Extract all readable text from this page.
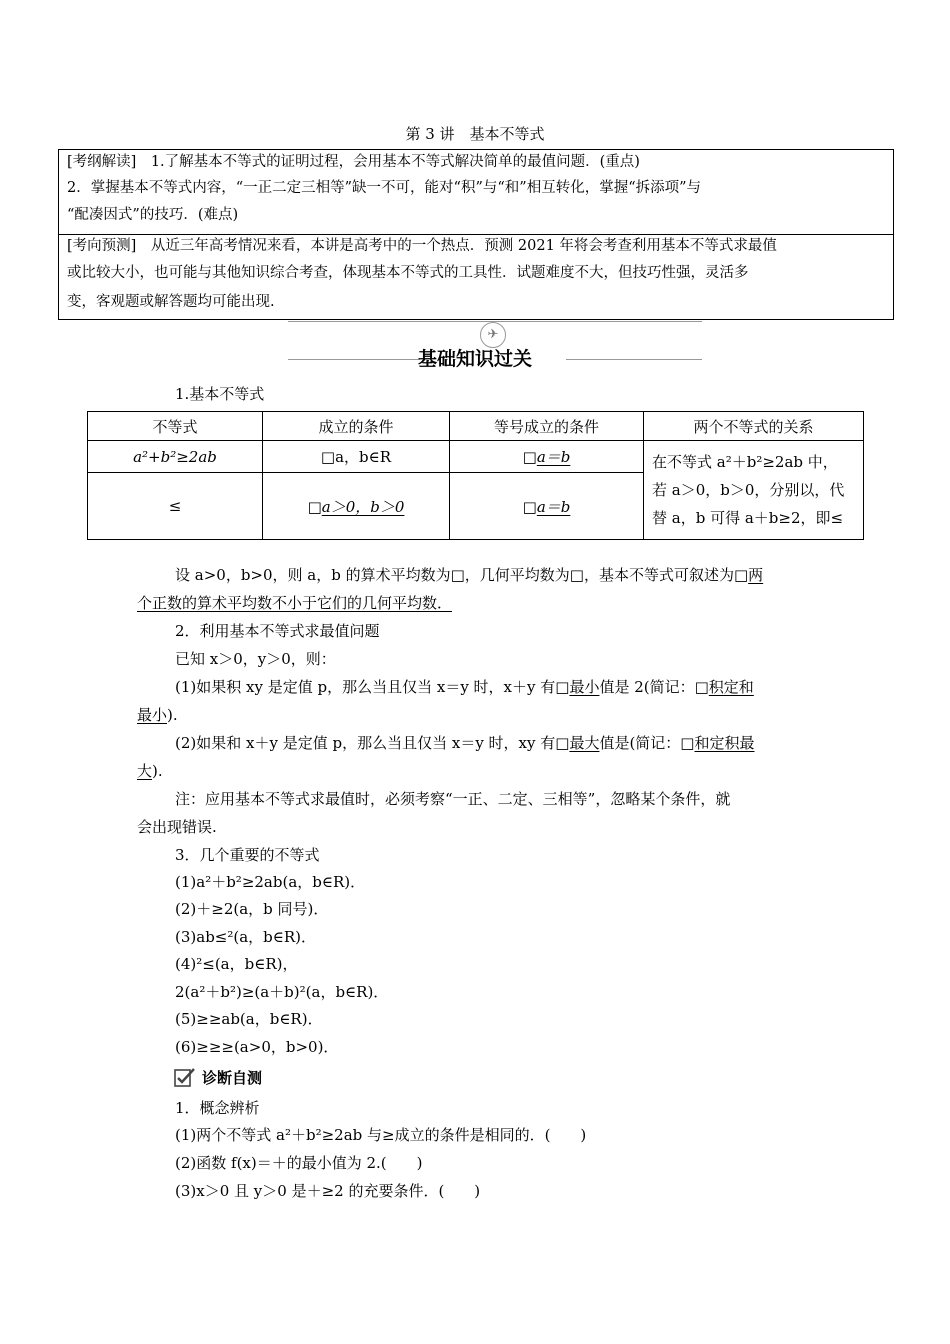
第 3 讲　基本不等式
[考纲解读]　1.了解基本不等式的证明过程，会用基本不等式解决简单的最值问题．(重点)
2．掌握基本不等式内容，“一正二定三相等”缺一不可，能对“积”与“和”相互转化，掌握“拆添项”与
“配凑因式”的技巧．(难点)
[考向预测]　从近三年高考情况来看，本讲是高考中的一个热点．预测 2021 年将会考查利用基本不等式求最值
或比较大小，也可能与其他知识综合考查，体现基本不等式的工具性．试题难度不大，但技巧性强，灵活多
变，客观题或解答题均可能出现.
✈
基础知识过关
1.基本不等式
不等式	成立的条件	等号成立的条件	两个不等式的关系
a²+b²≥2ab	□a，b∈R	□a＝b	在不等式 a²＋b²≥2ab 中，
若 a＞0，b＞0，分别以，代
替 a，b 可得 a＋b≥2，即≤

≤	□a＞0，b＞0	□a＝b	
设 a>0，b>0，则 a，b 的算术平均数为□，几何平均数为□，基本不等式可叙述为□两
个正数的算术平均数不小于它们的几何平均数．
2．利用基本不等式求最值问题
已知 x＞0，y＞0，则：
(1)如果积 xy 是定值 p，那么当且仅当 x＝y 时，x＋y 有□最小值是 2(简记：□积定和
最小).
(2)如果和 x＋y 是定值 p，那么当且仅当 x＝y 时，xy 有□最大值是(简记：□和定积最
大).
注：应用基本不等式求最值时，必须考察“一正、二定、三相等”，忽略某个条件，就
会出现错误.
3．几个重要的不等式
(1)a²＋b²≥2ab(a，b∈R)．
(2)＋≥2(a，b 同号)．
(3)ab≤²(a，b∈R)．
(4)²≤(a，b∈R)，
2(a²＋b²)≥(a＋b)²(a，b∈R)．
(5)≥≥ab(a，b∈R)．
(6)≥≥≥(a>0，b>0)．
诊断自测
1．概念辨析
(1)两个不等式 a²＋b²≥2ab 与≥成立的条件是相同的．(　　)
(2)函数 f(x)＝＋的最小值为 2.(　　)
(3)x＞0 且 y＞0 是＋≥2 的充要条件．(　　)
